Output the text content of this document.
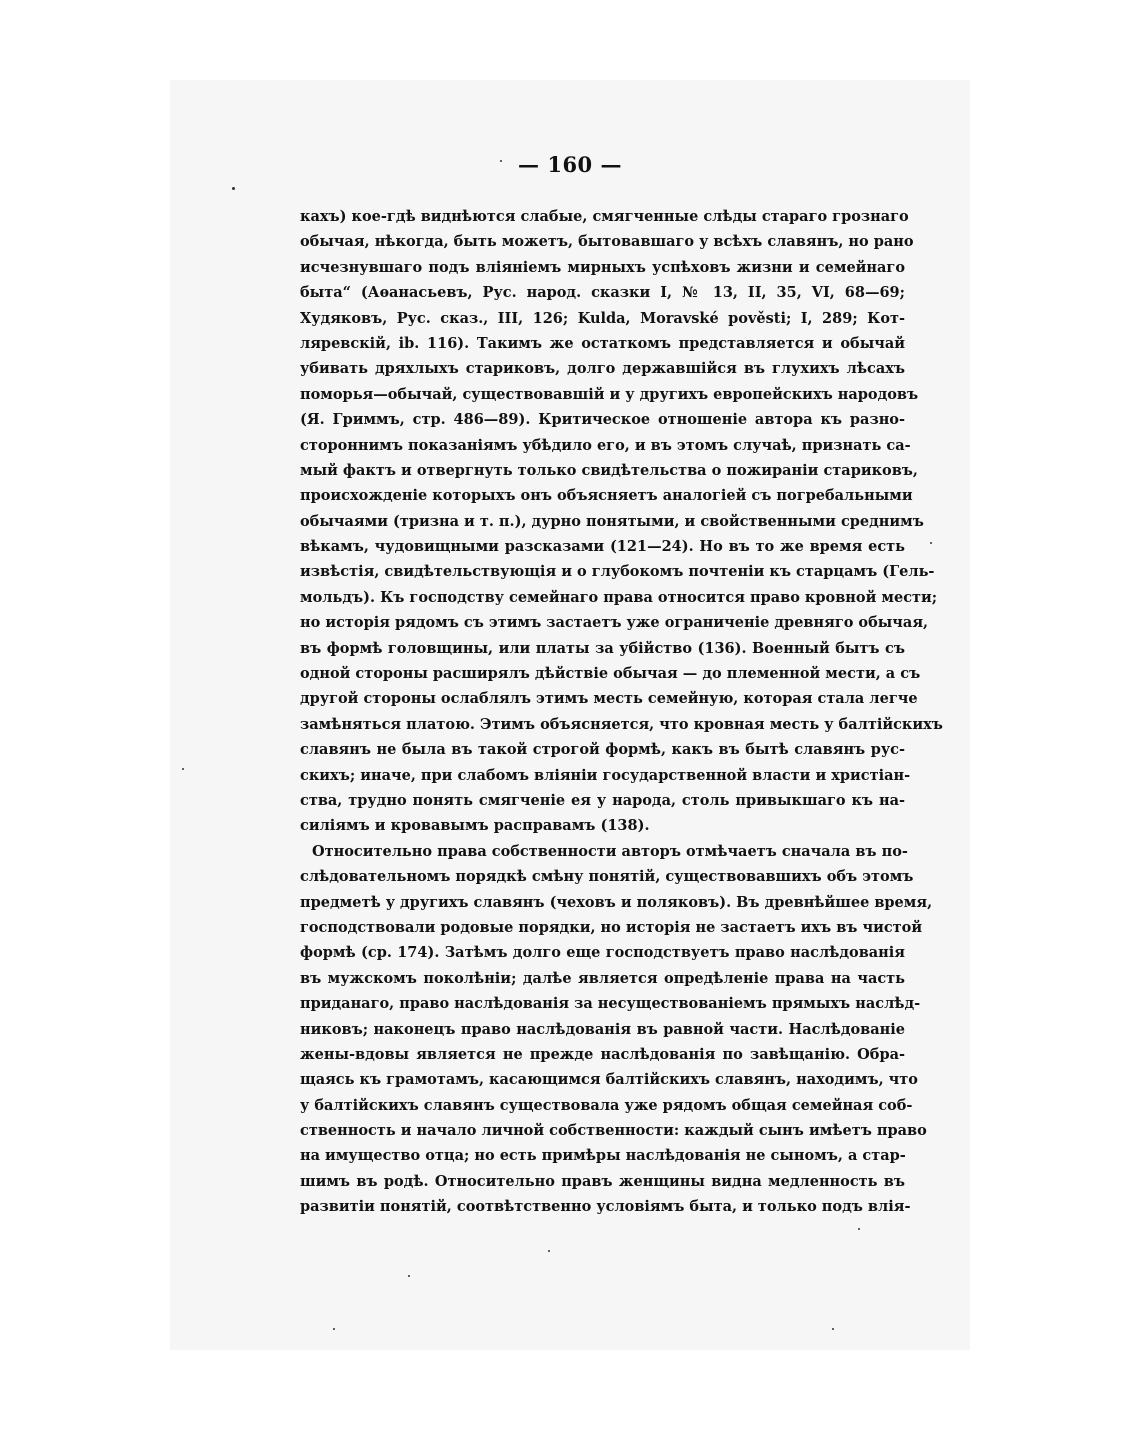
— 160 —
кахъ) кое-гдѣ виднѣются слабые, смягченные слѣды стараго грознаго
обычая, нѣкогда, быть можетъ, бытовавшаго у всѣхъ славянъ, но рано
исчезнувшаго подъ вліяніемъ мирныхъ успѣховъ жизни и семейнаго
быта“ (Аѳанасьевъ, Рус. народ. сказки I, № 13, II, 35, VI, 68—69;
Худяковъ, Рус. сказ., III, 126; Kulda, Moravské pověsti; I, 289; Кот-
ляревскій, ib. 116). Такимъ же остаткомъ представляется и обычай
убивать дряхлыхъ стариковъ, долго державшійся въ глухихъ лѣсахъ
поморья—обычай, существовавшій и у другихъ европейскихъ народовъ
(Я. Гриммъ, стр. 486—89). Критическое отношеніе автора къ разно-
стороннимъ показаніямъ убѣдило его, и въ этомъ случаѣ, признать са-
мый фактъ и отвергнуть только свидѣтельства о пожираніи стариковъ,
происхожденіе которыхъ онъ объясняетъ аналогіей съ погребальными
обычаями (тризна и т. п.), дурно понятыми, и свойственными среднимъ
вѣкамъ, чудовищными разсказами (121—24). Но въ то же время есть
извѣстія, свидѣтельствующія и о глубокомъ почтеніи къ старцамъ (Гель-
мольдъ). Къ господству семейнаго права относится право кровной мести;
но исторія рядомъ съ этимъ застаетъ уже ограниченіе древняго обычая,
въ формѣ головщины, или платы за убійство (136). Военный бытъ съ
одной стороны расширялъ дѣйствіе обычая — до племенной мести, а съ
другой стороны ослаблялъ этимъ месть семейную, которая стала легче
замѣняться платою. Этимъ объясняется, что кровная месть у балтійскихъ
славянъ не была въ такой строгой формѣ, какъ въ бытѣ славянъ рус-
скихъ; иначе, при слабомъ вліяніи государственной власти и христіан-
ства, трудно понять смягченіе ея у народа, столь привыкшаго къ на-
силіямъ и кровавымъ расправамъ (138).
Относительно права собственности авторъ отмѣчаетъ сначала въ по-
слѣдовательномъ порядкѣ смѣну понятій, существовавшихъ объ этомъ
предметѣ у другихъ славянъ (чеховъ и поляковъ). Въ древнѣйшее время,
господствовали родовые порядки, но исторія не застаетъ ихъ въ чистой
формѣ (ср. 174). Затѣмъ долго еще господствуетъ право наслѣдованія
въ мужскомъ поколѣніи; далѣе является опредѣленіе права на часть
приданаго, право наслѣдованія за несуществованіемъ прямыхъ наслѣд-
никовъ; наконецъ право наслѣдованія въ равной части. Наслѣдованіе
жены-вдовы является не прежде наслѣдованія по завѣщанію. Обра-
щаясь къ грамотамъ, касающимся балтійскихъ славянъ, находимъ, что
у балтійскихъ славянъ существовала уже рядомъ общая семейная соб-
ственность и начало личной собственности: каждый сынъ имѣетъ право
на имущество отца; но есть примѣры наслѣдованія не сыномъ, а стар-
шимъ въ родѣ. Относительно правъ женщины видна медленность въ
развитіи понятій, соотвѣтственно условіямъ быта, и только подъ влія-
